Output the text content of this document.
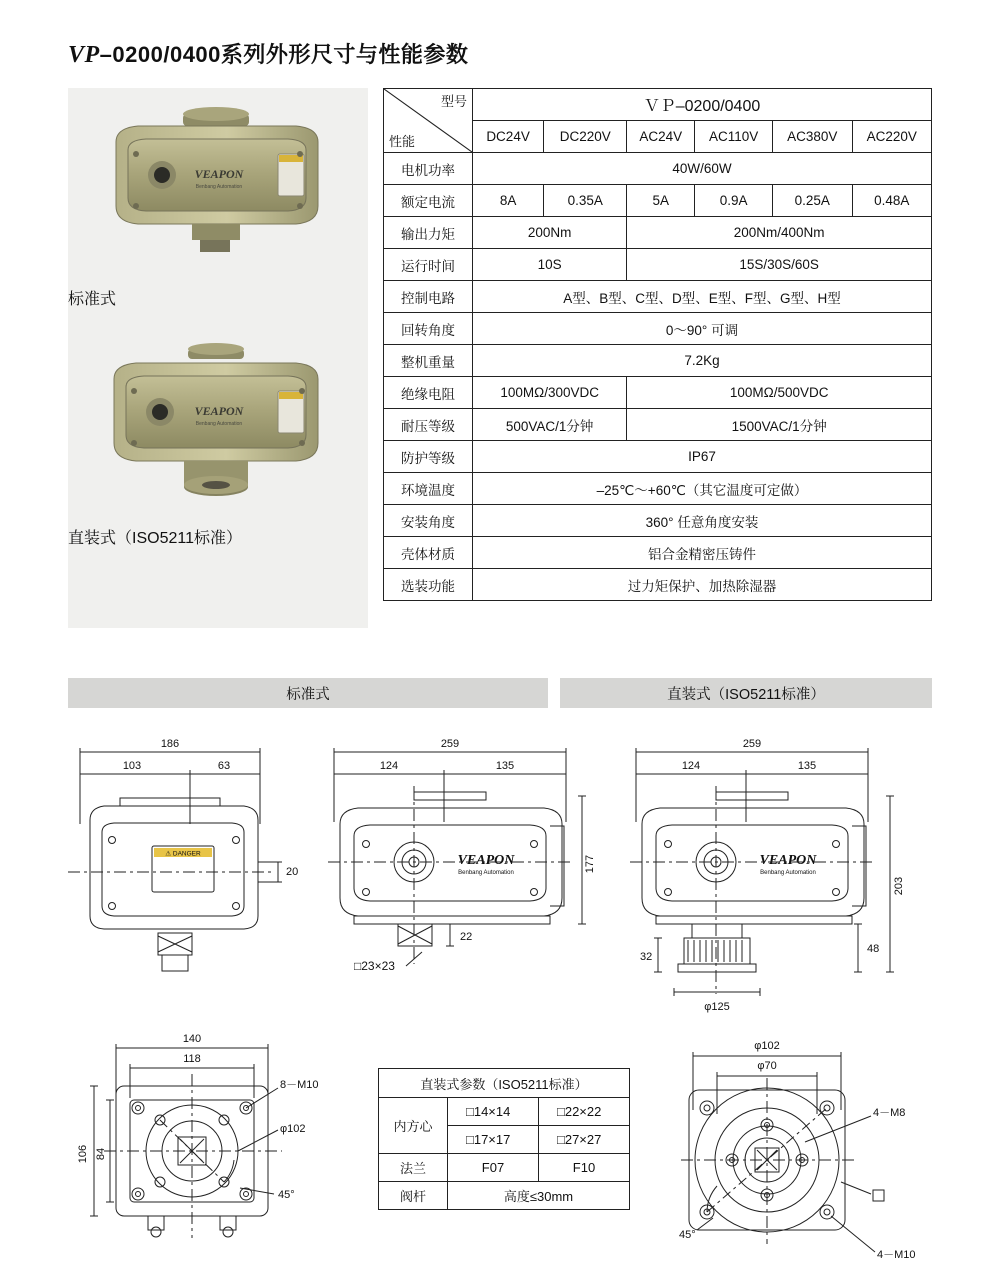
VP–0200/0400系列外形尺寸与性能参数
VEAPON
Benbang Automation
标准式
VEAPON
Benbang Automation
直装式（ISO5211标准）
型号
性能	ＶＰ–0200/0400					
	DC24V	DC220V	AC24V	AC110V	AC380V	AC220V
电机功率	40W/60W					
额定电流	8A	0.35A	5A	0.9A	0.25A	0.48A
输出力矩	200Nm		200Nm/400Nm			
运行时间	10S		15S/30S/60S			
控制电路	A型、B型、C型、D型、E型、F型、G型、H型					
回转角度	0～90° 可调					
整机重量	7.2Kg					
绝缘电阻	100MΩ/300VDC		100MΩ/500VDC			
耐压等级	500VAC/1分钟		1500VAC/1分钟			
防护等级	IP67					
环境温度	–25℃～+60℃（其它温度可定做）					
安装角度	360° 任意角度安装					
壳体材质	铝合金精密压铸件					
选装功能	过力矩保护、加热除湿器					
标准式	直装式（ISO5211标准）
186
103	63
⚠ DANGER
20
259
124	135
VEAPON
Benbang Automation	177
22
□23×23
259
124	135
VEAPON
Benbang Automation
203
48
32
φ125
140
118
106 84
8－M10
φ102
45°
直装式参数（ISO5211标准）		
内方心	□14×14	□22×22
	□17×17	□27×27
法兰	F07	F10
阀杆	高度≤30mm	
φ102
φ70
4－M8
4－M10
45°
